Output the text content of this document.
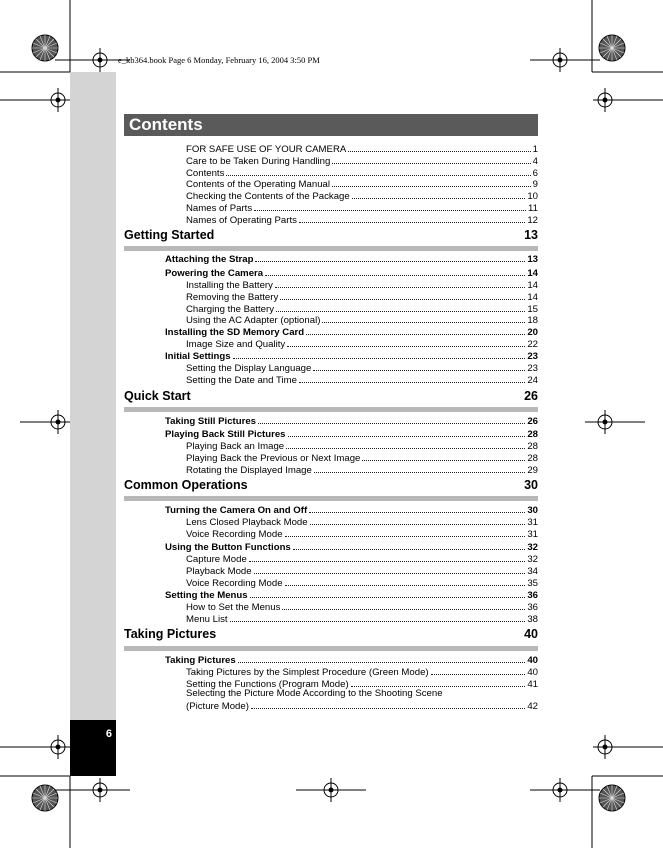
e_kb364.book Page 6 Monday, February 16, 2004 3:50 PM
6
Contents
FOR SAFE USE OF YOUR CAMERA	1
Care to be Taken During Handling	4
Contents	6
Contents of the Operating Manual	9
Checking the Contents of the Package	10
Names of Parts	11
Names of Operating Parts	12
Getting Started	13
Attaching the Strap	13
Powering the Camera	14
Installing the Battery	14
Removing the Battery	14
Charging the Battery	15
Using the AC Adapter (optional)	18
Installing the SD Memory Card	20
Image Size and Quality	22
Initial Settings	23
Setting the Display Language	23
Setting the Date and Time	24
Quick Start	26
Taking Still Pictures	26
Playing Back Still Pictures	28
Playing Back an Image	28
Playing Back the Previous or Next Image	28
Rotating the Displayed Image	29
Common Operations	30
Turning the Camera On and Off	30
Lens Closed Playback Mode	31
Voice Recording Mode	31
Using the Button Functions	32
Capture Mode	32
Playback Mode	34
Voice Recording Mode	35
Setting the Menus	36
How to Set the Menus	36
Menu List	38
Taking Pictures	40
Taking Pictures	40
Taking Pictures by the Simplest Procedure (Green Mode)	40
Setting the Functions (Program Mode)	41
Selecting the Picture Mode According to the Shooting Scene
(Picture Mode)	42
